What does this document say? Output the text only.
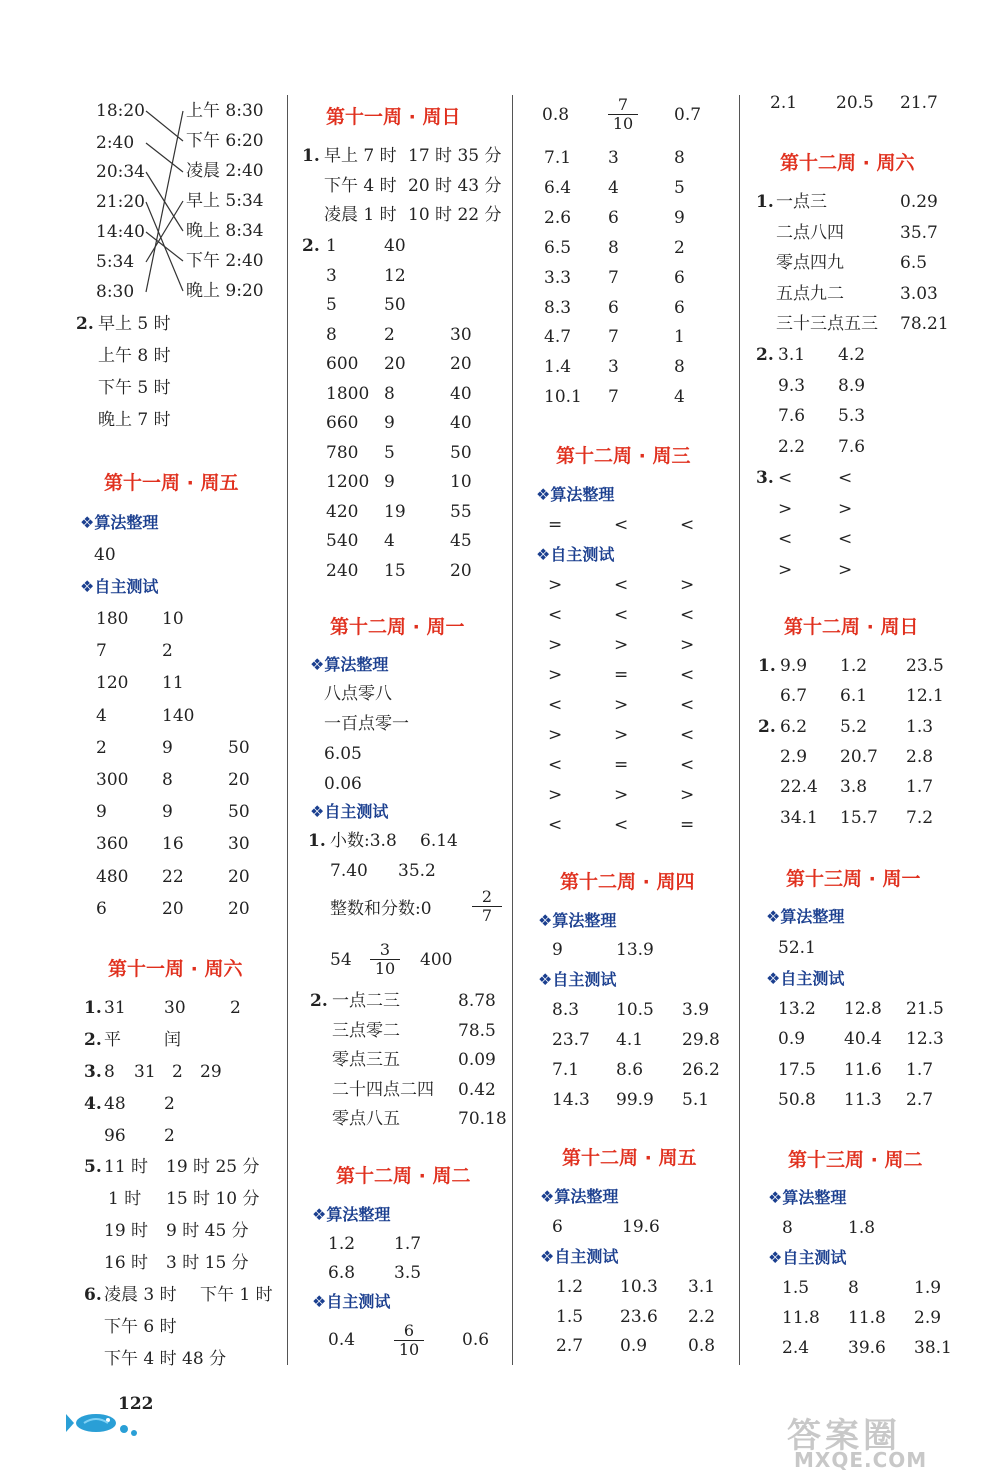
18:20
2:40
20:34
21:20
14:40
5:34
8:30
上午 8:30
下午 6:20
凌晨 2:40
早上 5:34
晚上 8:34
下午 2:40
晚上 9:20
2. 早上 5 时
上午 8 时
下午 5 时
晚上 7 时
第十一周 · 周五
❖算法整理
40
❖自主测试
180 10
7	2
120 11
4	140
2	9	50
300 8	20
9	9	50
360 16	30
480 22	20
6	20	20
第十一周 · 周六
1. 31 30	2
2. 平	闰
3. 8 31 2 29
4. 48 2
96 2
5. 11 时 19 时 25 分
1 时 15 时 10 分
19 时 9 时 45 分
16 时 3 时 15 分
6. 凌晨 3 时 下午 1 时
下午 6 时
下午 4 时 48 分
第十一周 · 周日
1. 早上 7 时 17 时 35 分
下午 4 时 20 时 43 分
凌晨 1 时 10 时 22 分
2. 1	40
3	12
5	50
8	2	30
600 20	20
1800 8	40
660 9	40
780 5	50
1200 9	10
420 19	55
540 4	45
240 15	20
第十二周 · 周一
❖算法整理
八点零八
一百点零一
6.05
0.06
❖自主测试
1. 小数:3.8 6.14
7.40 35.2
整数和分数:0	$\frac{2}{7}$
$54 \frac{3}{10} 400$
2. 一点二三	8.78
三点零二	78.5
零点三五	0.09
二十四点二四 0.42
零点八五	70.18
第十二周 · 周二
❖算法整理
1.2 1.7
6.8 3.5
❖自主测试
$0.4 \frac{6}{10} 0.6$
$0.8 \frac{7}{10} 0.7$
7.1 3	8
6.4 4	5
2.6 6	9
6.5 8	2
3.3 7	6
8.3 6	6
4.7 7	1
1.4 3	8
10.1 7	4
第十二周 · 周三
❖算法整理
=	<	<
❖自主测试
>	<	>
<	<	<
>	>	>
>	=	<
<	>	<
>	>	<
<	=	<
>	>	>
<	<	=
第十二周 · 周四
❖算法整理
9	13.9
❖自主测试
8.3 10.5 3.9
23.7 4.1 29.8
7.1 8.6 26.2
14.3 99.9 5.1
第十二周 · 周五
❖算法整理
6	19.6
❖自主测试
1.2 10.3 3.1
1.5 23.6 2.2
2.7 0.9 0.8
2.1 20.5 21.7
第十二周 · 周六
1. 一点三	0.29
二点八四	35.7
零点四九	6.5
五点九二	3.03
三十三点五三 78.21
2. 3.1 4.2
9.3 8.9
7.6 5.3
2.2 7.6
3. <	<
>	>
<	<
>	>
第十二周 · 周日
1. 9.9 1.2 23.5
6.7 6.1 12.1
2. 6.2 5.2 1.3
2.9 20.7 2.8
22.4 3.8 1.7
34.1 15.7 7.2
第十三周 · 周一
❖算法整理
52.1
❖自主测试
13.2 12.8 21.5
0.9 40.4 12.3
17.5 11.6 1.7
50.8 11.3 2.7
第十三周 · 周二
❖算法整理
8	1.8
❖自主测试
1.5 8	1.9
11.8 11.8 2.9
2.4 39.6 38.1
122
答案圈
MXQE.COM
